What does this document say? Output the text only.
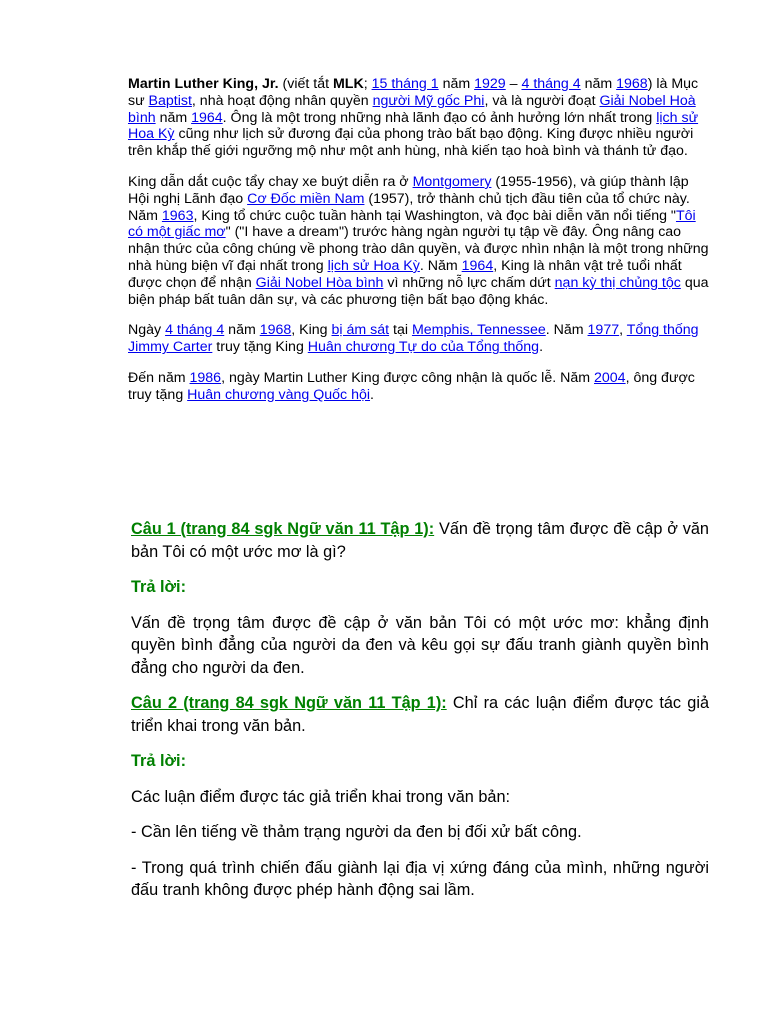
Martin Luther King, Jr. (viết tắt MLK; 15 tháng 1 năm 1929 – 4 tháng 4 năm 1968) là Mục sư Baptist, nhà hoạt động nhân quyền người Mỹ gốc Phi, và là người đoạt Giải Nobel Hoà bình năm 1964. Ông là một trong những nhà lãnh đạo có ảnh hưởng lớn nhất trong lịch sử Hoa Kỳ cũng như lịch sử đương đại của phong trào bất bạo động. King được nhiều người trên khắp thế giới ngưỡng mộ như một anh hùng, nhà kiến tạo hoà bình và thánh tử đạo.

King dẫn dắt cuộc tẩy chay xe buýt diễn ra ở Montgomery (1955-1956), và giúp thành lập Hội nghị Lãnh đạo Cơ Đốc miền Nam (1957), trở thành chủ tịch đầu tiên của tổ chức này. Năm 1963, King tổ chức cuộc tuần hành tại Washington, và đọc bài diễn văn nổi tiếng "Tôi có một giấc mơ" ("I have a dream") trước hàng ngàn người tụ tập về đây. Ông nâng cao nhận thức của công chúng về phong trào dân quyền, và được nhìn nhận là một trong những nhà hùng biện vĩ đại nhất trong lịch sử Hoa Kỳ. Năm 1964, King là nhân vật trẻ tuổi nhất được chọn để nhận Giải Nobel Hòa bình vì những nỗ lực chấm dứt nạn kỳ thị chủng tộc qua biện pháp bất tuân dân sự, và các phương tiện bất bạo động khác.

Ngày 4 tháng 4 năm 1968, King bị ám sát tại Memphis, Tennessee. Năm 1977, Tổng thống Jimmy Carter truy tặng King Huân chương Tự do của Tổng thống.

Đến năm 1986, ngày Martin Luther King được công nhận là quốc lễ. Năm 2004, ông được truy tặng Huân chương vàng Quốc hội.

Câu 1 (trang 84 sgk Ngữ văn 11 Tập 1): Vấn đề trọng tâm được đề cập ở văn bản Tôi có một ước mơ là gì?

Trả lời:

Vấn đề trọng tâm được đề cập ở văn bản Tôi có một ước mơ: khẳng định quyền bình đẳng của người da đen và kêu gọi sự đấu tranh giành quyền bình đẳng cho người da đen.

Câu 2 (trang 84 sgk Ngữ văn 11 Tập 1): Chỉ ra các luận điểm được tác giả triển khai trong văn bản.

Trả lời:

Các luận điểm được tác giả triển khai trong văn bản:

- Cần lên tiếng về thảm trạng người da đen bị đối xử bất công.

- Trong quá trình chiến đấu giành lại địa vị xứng đáng của mình, những người đấu tranh không được phép hành động sai lầm.
